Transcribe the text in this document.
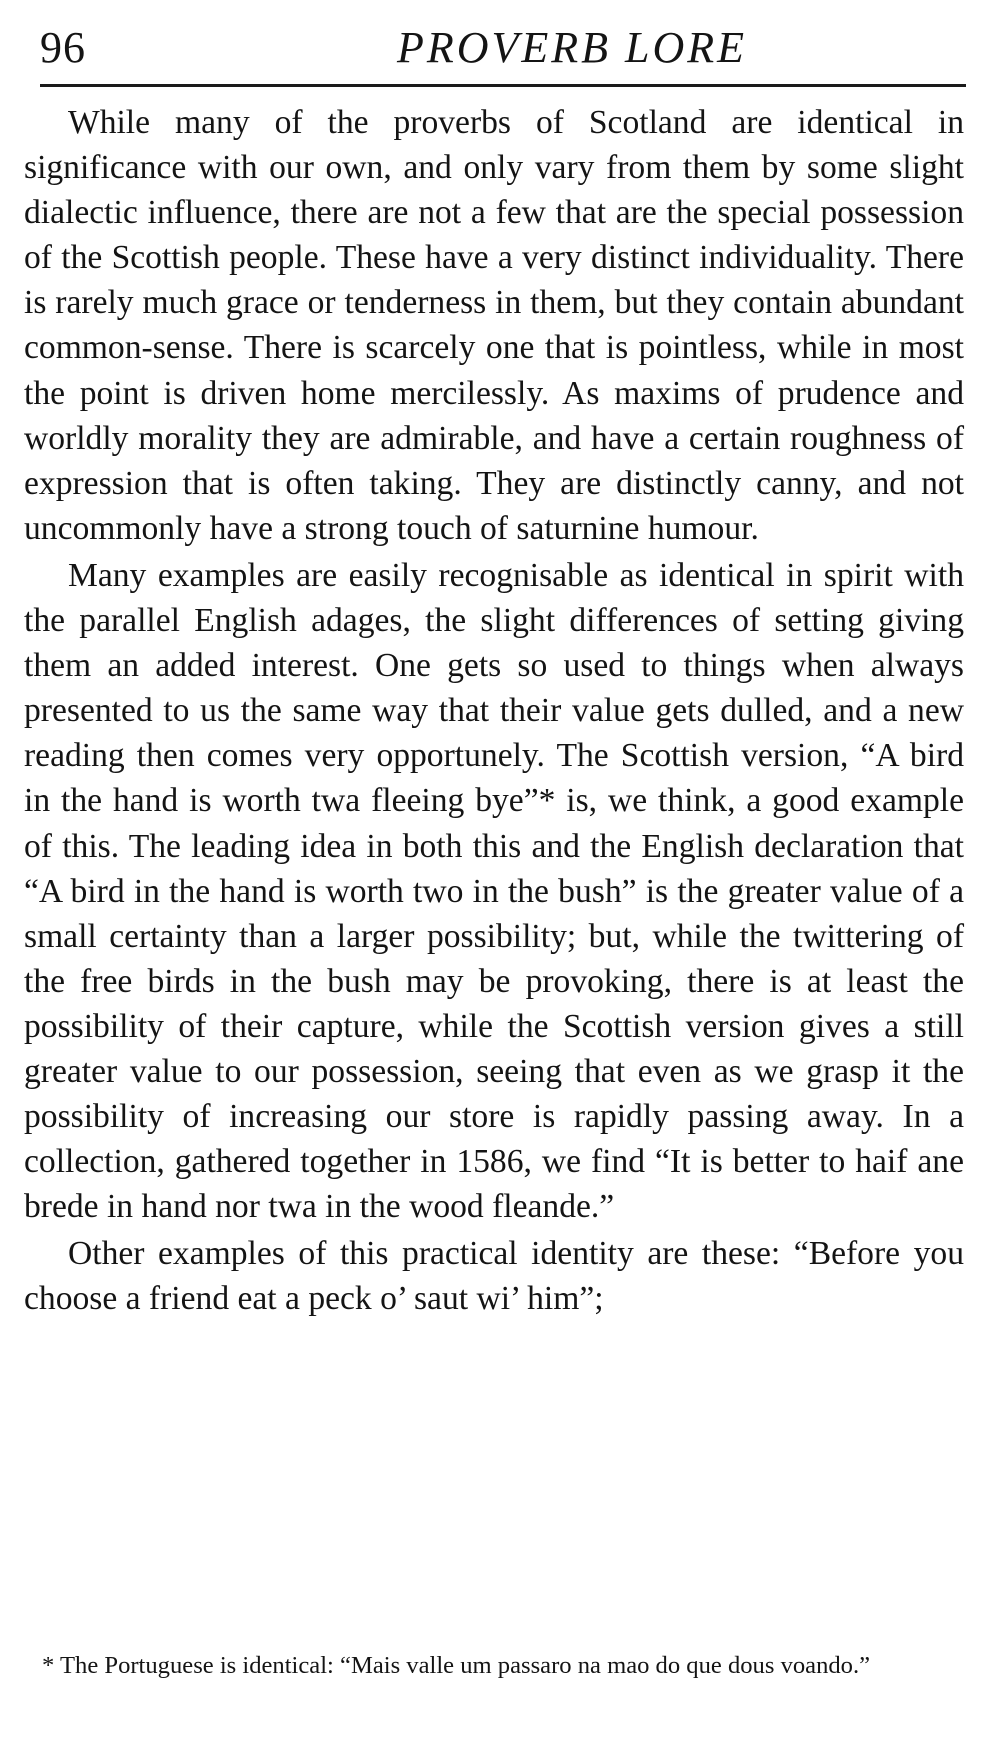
96	PROVERB LORE

While many of the proverbs of Scotland are identical in significance with our own, and only vary from them by some slight dialectic influence, there are not a few that are the special possession of the Scottish people. These have a very distinct individuality. There is rarely much grace or tenderness in them, but they contain abundant common-sense. There is scarcely one that is pointless, while in most the point is driven home mercilessly. As maxims of prudence and worldly morality they are admirable, and have a certain roughness of expression that is often taking. They are distinctly canny, and not uncommonly have a strong touch of saturnine humour.

Many examples are easily recognisable as identical in spirit with the parallel English adages, the slight differences of setting giving them an added interest. One gets so used to things when always presented to us the same way that their value gets dulled, and a new reading then comes very opportunely. The Scottish version, “A bird in the hand is worth twa fleeing bye”* is, we think, a good example of this. The leading idea in both this and the English declaration that “A bird in the hand is worth two in the bush” is the greater value of a small certainty than a larger possibility; but, while the twittering of the free birds in the bush may be provoking, there is at least the possibility of their capture, while the Scottish version gives a still greater value to our possession, seeing that even as we grasp it the possibility of increasing our store is rapidly passing away. In a collection, gathered together in 1586, we find “It is better to haif ane brede in hand nor twa in the wood fleande.”

Other examples of this practical identity are these: “Before you choose a friend eat a peck o’ saut wi’ him”;

* The Portuguese is identical: “Mais valle um passaro na mao do que dous voando.”
